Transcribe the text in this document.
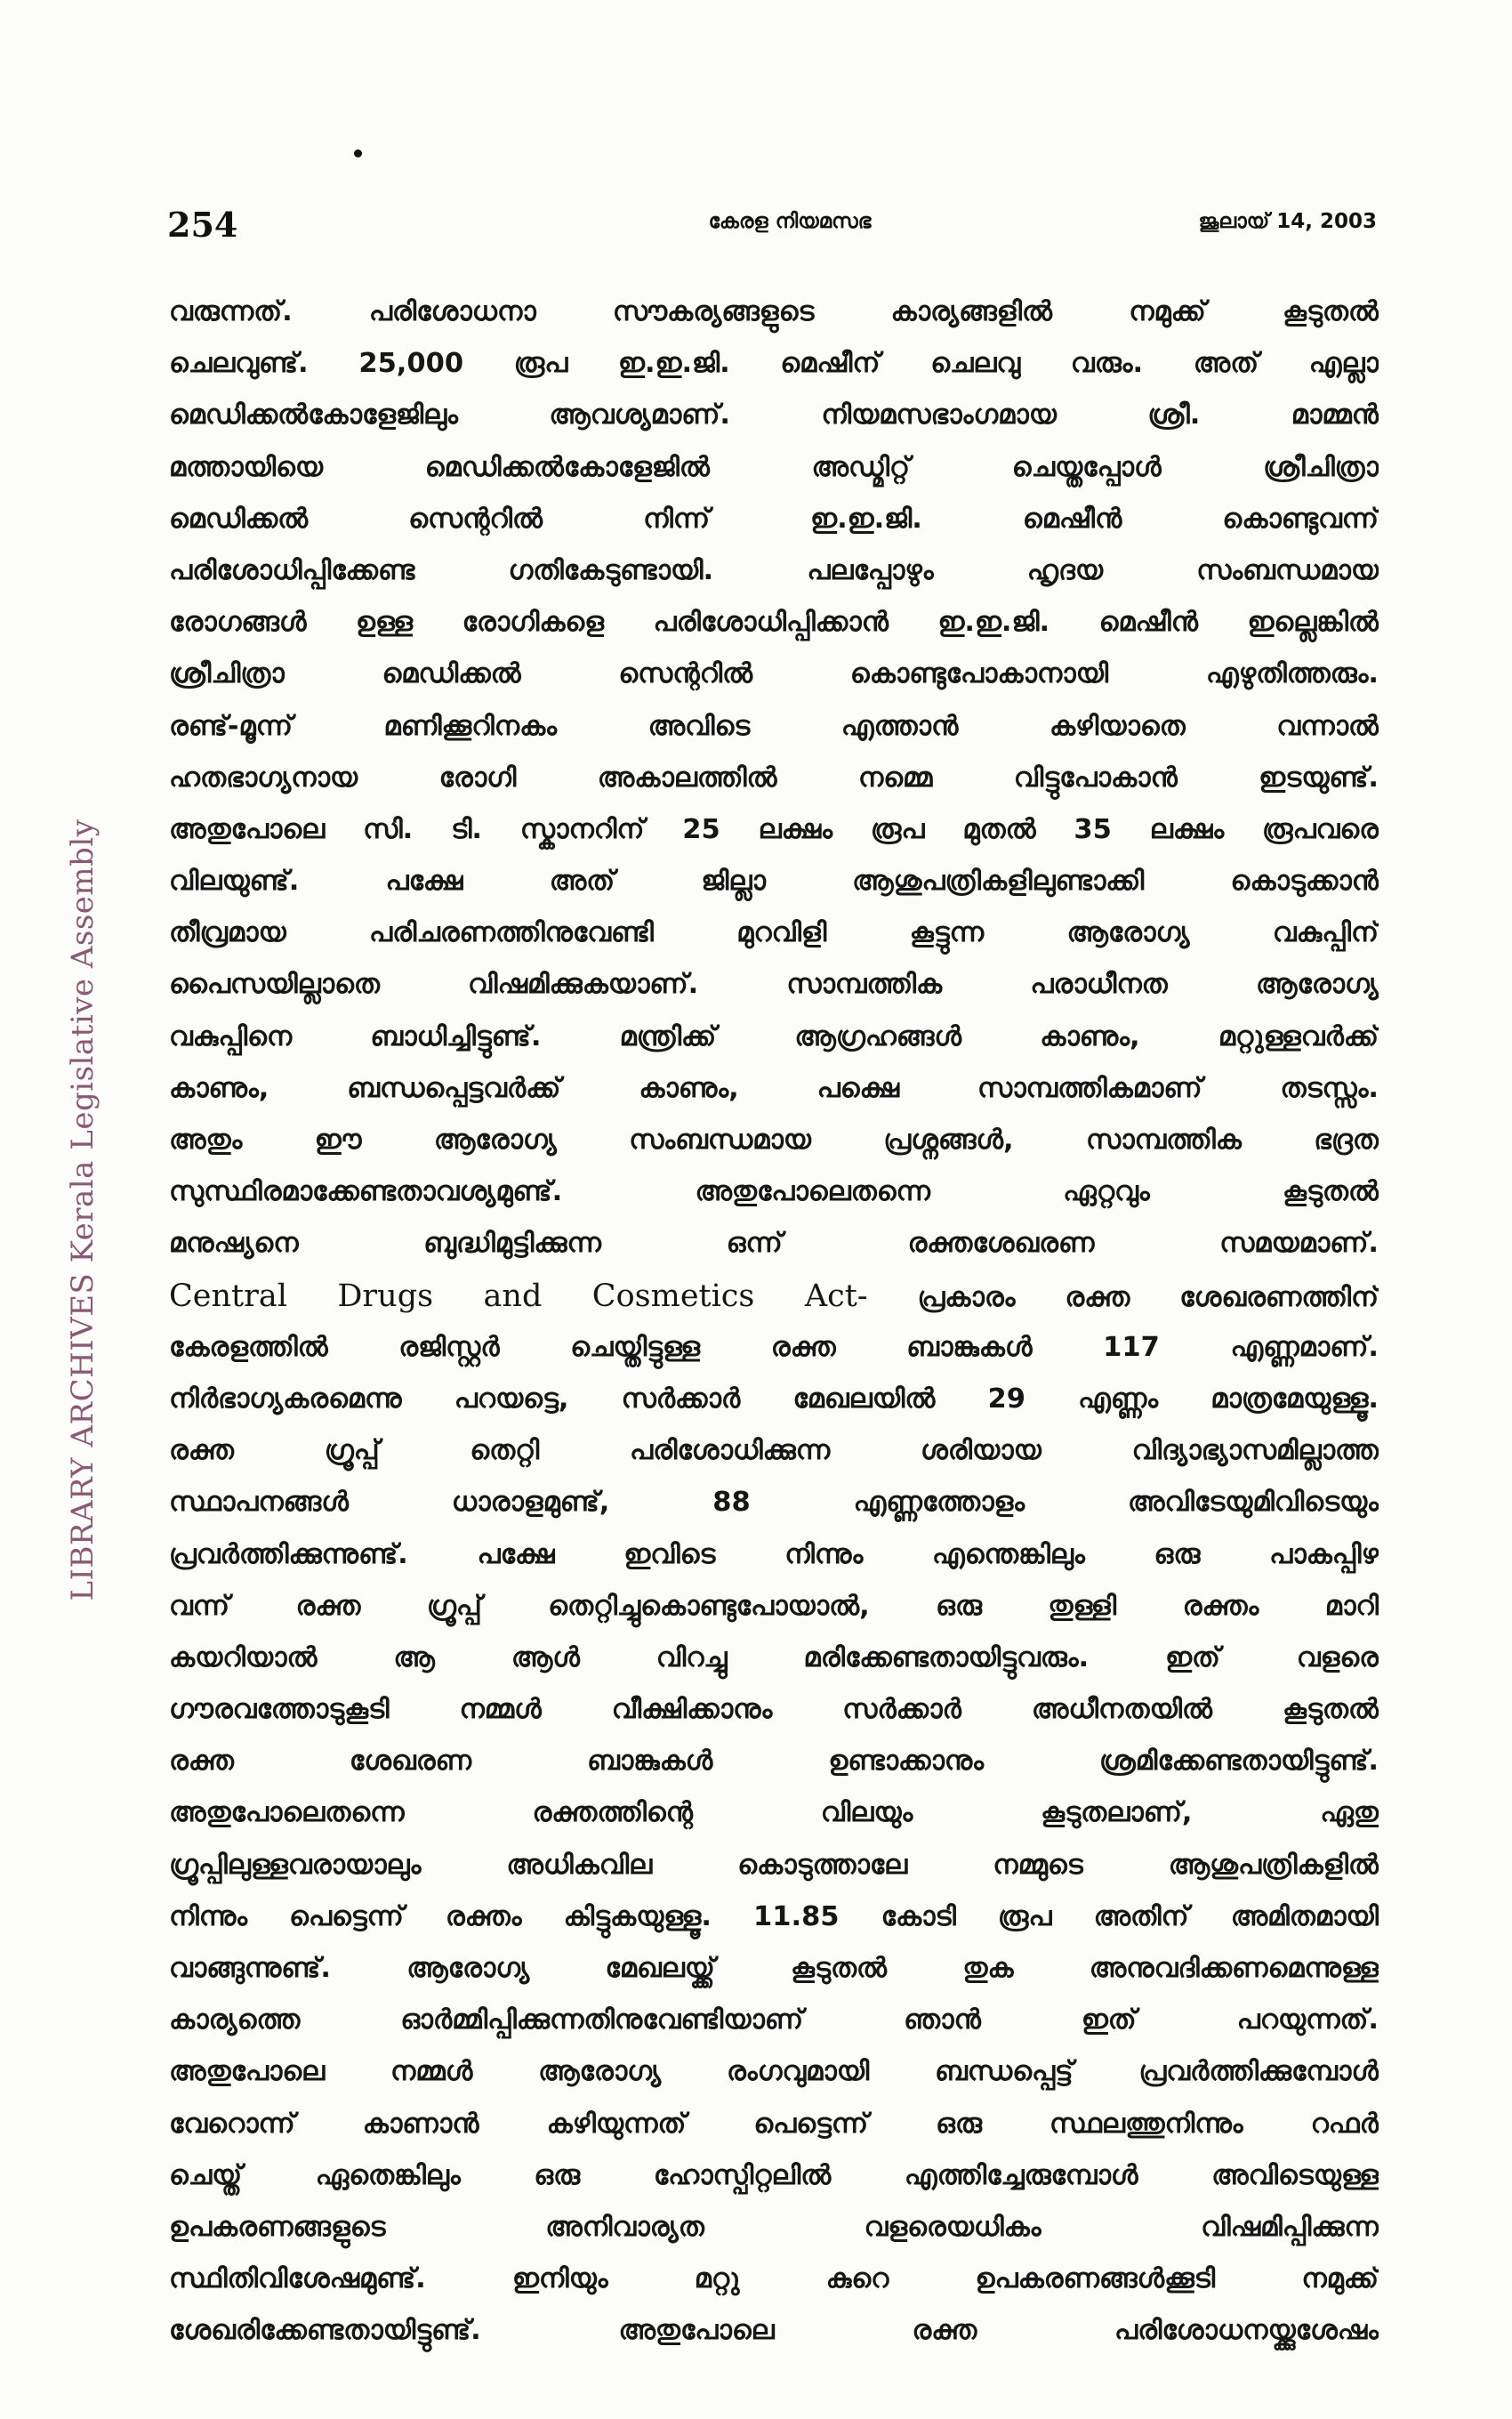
254	കേരള നിയമസഭ	ജൂലായ് 14, 2003
LIBRARY ARCHIVES Kerala Legislative Assembly
വരുന്നത്. പരിശോധനാ സൗകര്യങ്ങളുടെ കാര്യങ്ങളിൽ നമുക്ക് കൂടുതൽ
ചെലവുണ്ട്. 25,000 രൂപ ഇ.ഇ.ജി. മെഷീന് ചെലവു വരും. അത് എല്ലാ
മെഡിക്കൽകോളേജിലും ആവശ്യമാണ്. നിയമസഭാംഗമായ ശ്രീ. മാമ്മൻ
മത്തായിയെ മെഡിക്കൽകോളേജിൽ അഡ്മിറ്റ് ചെയ്തപ്പോൾ ശ്രീചിത്രാ
മെഡിക്കൽ സെന്ററിൽ നിന്ന് ഇ.ഇ.ജി. മെഷീൻ കൊണ്ടുവന്ന്
പരിശോധിപ്പിക്കേണ്ട ഗതികേടുണ്ടായി. പലപ്പോഴും ഹൃദയ സംബന്ധമായ
രോഗങ്ങൾ ഉള്ള രോഗികളെ പരിശോധിപ്പിക്കാൻ ഇ.ഇ.ജി. മെഷീൻ ഇല്ലെങ്കിൽ
ശ്രീചിത്രാ മെഡിക്കൽ സെന്ററിൽ കൊണ്ടുപോകാനായി എഴുതിത്തരും.
രണ്ട്-മൂന്ന് മണിക്കൂറിനകം അവിടെ എത്താൻ കഴിയാതെ വന്നാൽ
ഹതഭാഗ്യനായ രോഗി അകാലത്തിൽ നമ്മെ വിട്ടുപോകാൻ ഇടയുണ്ട്.
അതുപോലെ സി. ടി. സ്കാനറിന് 25 ലക്ഷം രൂപ മുതൽ 35 ലക്ഷം രൂപവരെ
വിലയുണ്ട്. പക്ഷേ അത് ജില്ലാ ആശുപത്രികളിലുണ്ടാക്കി കൊടുക്കാൻ
തീവ്രമായ പരിചരണത്തിനുവേണ്ടി മുറവിളി കൂട്ടുന്ന ആരോഗ്യ വകുപ്പിന്
പൈസയില്ലാതെ വിഷമിക്കുകയാണ്. സാമ്പത്തിക പരാധീനത ആരോഗ്യ
വകുപ്പിനെ ബാധിച്ചിട്ടുണ്ട്. മന്ത്രിക്ക് ആഗ്രഹങ്ങൾ കാണും, മറ്റുള്ളവർക്ക്
കാണും, ബന്ധപ്പെട്ടവർക്ക് കാണും, പക്ഷെ സാമ്പത്തികമാണ് തടസ്സം.
അതും ഈ ആരോഗ്യ സംബന്ധമായ പ്രശ്നങ്ങൾ, സാമ്പത്തിക ഭദ്രത
സുസ്ഥിരമാക്കേണ്ടതാവശ്യമുണ്ട്. അതുപോലെതന്നെ ഏറ്റവും കൂടുതൽ
മനുഷ്യനെ ബുദ്ധിമുട്ടിക്കുന്ന ഒന്ന് രക്തശേഖരണ സമയമാണ്.
Central Drugs and Cosmetics Act- പ്രകാരം രക്ത ശേഖരണത്തിന്
കേരളത്തിൽ രജിസ്റ്റർ ചെയ്തിട്ടുള്ള രക്ത ബാങ്കുകൾ 117 എണ്ണമാണ്.
നിർഭാഗ്യകരമെന്നു പറയട്ടെ, സർക്കാർ മേഖലയിൽ 29 എണ്ണം മാത്രമേയുള്ളൂ.
രക്ത ഗ്രൂപ്പ് തെറ്റി പരിശോധിക്കുന്ന ശരിയായ വിദ്യാഭ്യാസമില്ലാത്ത
സ്ഥാപനങ്ങൾ ധാരാളമുണ്ട്, 88 എണ്ണത്തോളം അവിടേയുമിവിടെയും
പ്രവർത്തിക്കുന്നുണ്ട്. പക്ഷേ ഇവിടെ നിന്നും എന്തെങ്കിലും ഒരു പാകപ്പിഴ
വന്ന് രക്ത ഗ്രൂപ്പ് തെറ്റിച്ചുകൊണ്ടുപോയാൽ, ഒരു തുള്ളി രക്തം മാറി
കയറിയാൽ ആ ആൾ വിറച്ചു മരിക്കേണ്ടതായിട്ടുവരും. ഇത് വളരെ
ഗൗരവത്തോടുകൂടി നമ്മൾ വീക്ഷിക്കാനും സർക്കാർ അധീനതയിൽ കൂടുതൽ
രക്ത ശേഖരണ ബാങ്കുകൾ ഉണ്ടാക്കാനും ശ്രമിക്കേണ്ടതായിട്ടുണ്ട്.
അതുപോലെതന്നെ രക്തത്തിന്റെ വിലയും കൂടുതലാണ്, ഏതു
ഗ്രൂപ്പിലുള്ളവരായാലും അധികവില കൊടുത്താലേ നമ്മുടെ ആശുപത്രികളിൽ
നിന്നും പെട്ടെന്ന് രക്തം കിട്ടുകയുള്ളൂ. 11.85 കോടി രൂപ അതിന് അമിതമായി
വാങ്ങുന്നുണ്ട്. ആരോഗ്യ മേഖലയ്ക്ക് കൂടുതൽ തുക അനുവദിക്കണമെന്നുള്ള
കാര്യത്തെ ഓർമ്മിപ്പിക്കുന്നതിനുവേണ്ടിയാണ് ഞാൻ ഇത് പറയുന്നത്.
അതുപോലെ നമ്മൾ ആരോഗ്യ രംഗവുമായി ബന്ധപ്പെട്ട് പ്രവർത്തിക്കുമ്പോൾ
വേറൊന്ന് കാണാൻ കഴിയുന്നത് പെട്ടെന്ന് ഒരു സ്ഥലത്തുനിന്നും റഫർ
ചെയ്ത് ഏതെങ്കിലും ഒരു ഹോസ്പിറ്റലിൽ എത്തിച്ചേരുമ്പോൾ അവിടെയുള്ള
ഉപകരണങ്ങളുടെ അനിവാര്യത വളരെയധികം വിഷമിപ്പിക്കുന്ന
സ്ഥിതിവിശേഷമുണ്ട്. ഇനിയും മറ്റു കുറെ ഉപകരണങ്ങൾക്കൂടി നമുക്ക്
ശേഖരിക്കേണ്ടതായിട്ടുണ്ട്. അതുപോലെ രക്ത പരിശോധനയ്ക്കുശേഷം
